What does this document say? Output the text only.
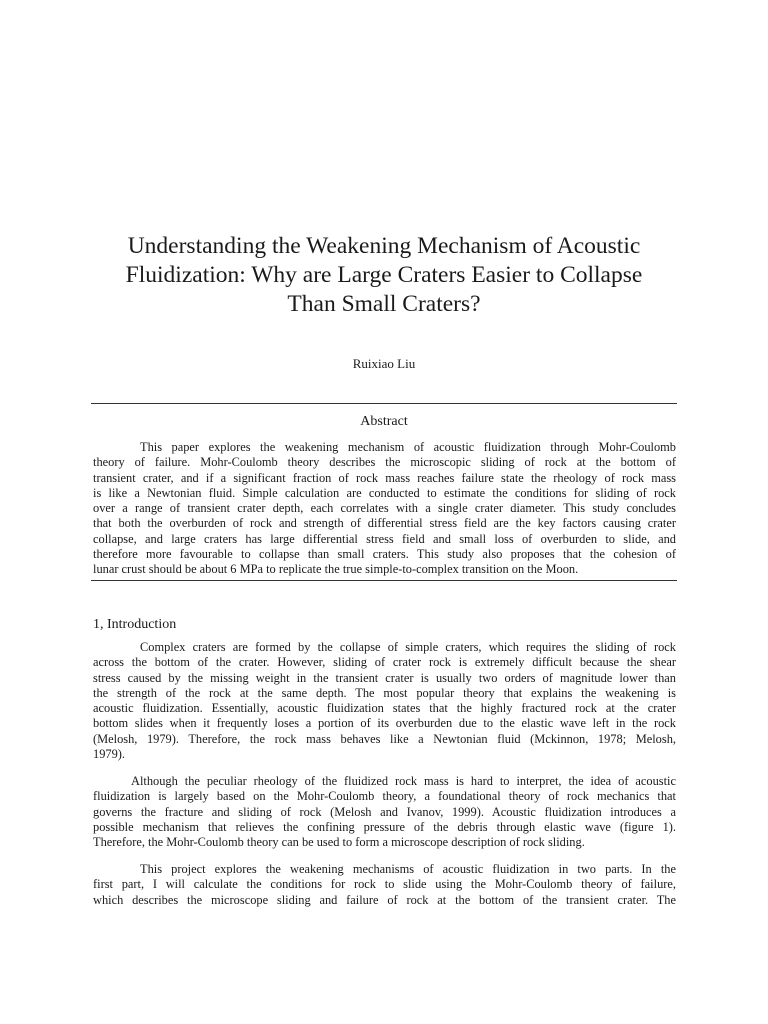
Understanding the Weakening Mechanism of Acoustic
Fluidization: Why are Large Craters Easier to Collapse
Than Small Craters?
Ruixiao Liu
Abstract
This paper explores the weakening mechanism of acoustic fluidization through Mohr-Coulomb
theory of failure. Mohr-Coulomb theory describes the microscopic sliding of rock at the bottom of
transient crater, and if a significant fraction of rock mass reaches failure state the rheology of rock mass
is like a Newtonian fluid. Simple calculation are conducted to estimate the conditions for sliding of rock
over a range of transient crater depth, each correlates with a single crater diameter. This study concludes
that both the overburden of rock and strength of differential stress field are the key factors causing crater
collapse, and large craters has large differential stress field and small loss of overburden to slide, and
therefore more favourable to collapse than small craters. This study also proposes that the cohesion of
lunar crust should be about 6 MPa to replicate the true simple-to-complex transition on the Moon.
1, Introduction
Complex craters are formed by the collapse of simple craters, which requires the sliding of rock
across the bottom of the crater. However, sliding of crater rock is extremely difficult because the shear
stress caused by the missing weight in the transient crater is usually two orders of magnitude lower than
the strength of the rock at the same depth. The most popular theory that explains the weakening is
acoustic fluidization. Essentially, acoustic fluidization states that the highly fractured rock at the crater
bottom slides when it frequently loses a portion of its overburden due to the elastic wave left in the rock
(Melosh, 1979). Therefore, the rock mass behaves like a Newtonian fluid (Mckinnon, 1978; Melosh,
1979).
Although the peculiar rheology of the fluidized rock mass is hard to interpret, the idea of acoustic
fluidization is largely based on the Mohr-Coulomb theory, a foundational theory of rock mechanics that
governs the fracture and sliding of rock (Melosh and Ivanov, 1999). Acoustic fluidization introduces a
possible mechanism that relieves the confining pressure of the debris through elastic wave (figure 1).
Therefore, the Mohr-Coulomb theory can be used to form a microscope description of rock sliding.
This project explores the weakening mechanisms of acoustic fluidization in two parts. In the
first part, I will calculate the conditions for rock to slide using the Mohr-Coulomb theory of failure,
which describes the microscope sliding and failure of rock at the bottom of the transient crater. The
